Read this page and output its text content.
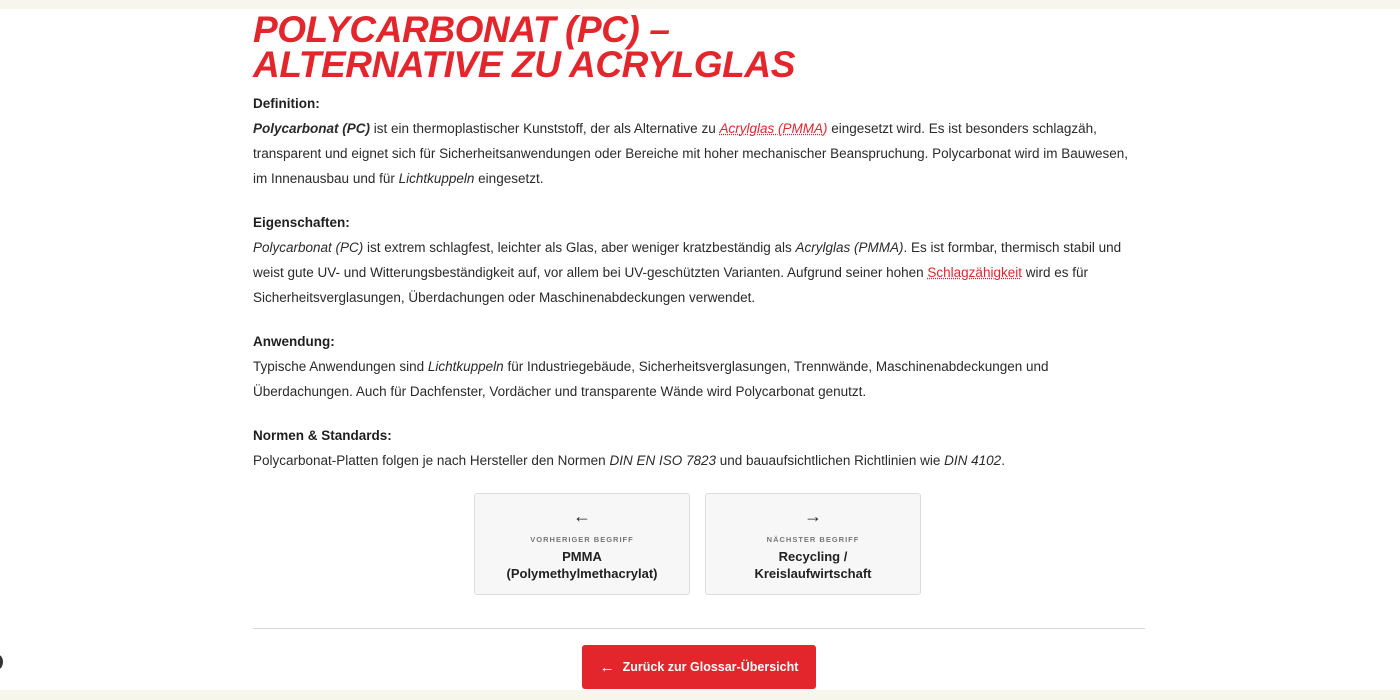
POLYCARBONAT (PC) –
ALTERNATIVE ZU ACRYLGLAS
Definition:

Polycarbonat (PC) ist ein thermoplastischer Kunststoff, der als Alternative zu Acrylglas (PMMA) eingesetzt wird. Es ist besonders schlagzäh, transparent und eignet sich für Sicherheitsanwendungen oder Bereiche mit hoher mechanischer Beanspruchung. Polycarbonat wird im Bauwesen, im Innenausbau und für Lichtkuppeln eingesetzt.

Eigenschaften:

Polycarbonat (PC) ist extrem schlagfest, leichter als Glas, aber weniger kratzbeständig als Acrylglas (PMMA). Es ist formbar, thermisch stabil und weist gute UV- und Witterungsbeständigkeit auf, vor allem bei UV-geschützten Varianten. Aufgrund seiner hohen Schlagzähigkeit wird es für Sicherheitsverglasungen, Überdachungen oder Maschinenabdeckungen verwendet.

Anwendung:

Typische Anwendungen sind Lichtkuppeln für Industriegebäude, Sicherheitsverglasungen, Trennwände, Maschinenabdeckungen und Überdachungen. Auch für Dachfenster, Vordächer und transparente Wände wird Polycarbonat genutzt.

Normen & Standards:

Polycarbonat-Platten folgen je nach Hersteller den Normen DIN EN ISO 7823 und bauaufsichtlichen Richtlinien wie DIN 4102.

←
VORHERIGER BEGRIFF
PMMA
(Polymethylmethacrylat)
→
NÄCHSTER BEGRIFF
Recycling /
Kreislaufwirtschaft
← Zurück zur Glossar-Übersicht
